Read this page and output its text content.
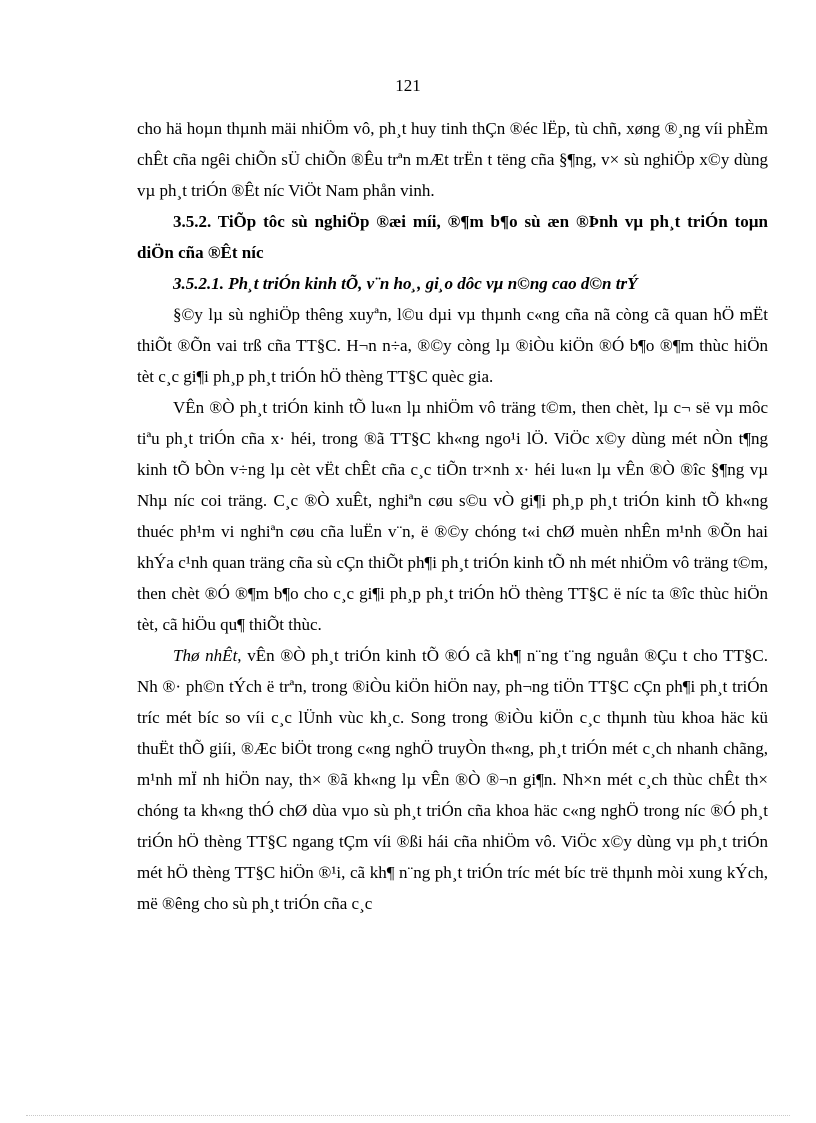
121

cho hä hoµn thµnh mäi nhiÖm vô, ph¸t huy tinh thÇn ®éc lËp, tù chñ, xøng ®¸ng víi phÈm chÊt cña ngêi chiÕn sÜ chiÕn ®Êu trªn mÆt trËn t tëng cña §¶ng, v× sù nghiÖp x©y dùng vµ ph¸t triÓn ®Êt níc ViÖt Nam phån vinh.

3.5.2. TiÕp tôc sù nghiÖp ®æi míi, ®¶m b¶o sù æn ®Þnh vµ ph¸t triÓn toµn diÖn cña ®Êt níc

3.5.2.1. Ph¸t triÓn kinh tÕ, v¨n ho¸, gi¸o dôc vµ n©ng cao d©n trÝ

§©y lµ sù nghiÖp thêng xuyªn, l©u dµi vµ thµnh c«ng cña nã còng cã quan hÖ mËt thiÕt ®Õn vai trß cña TT§C. H¬n n÷a, ®©y còng lµ ®iÒu kiÖn ®Ó b¶o ®¶m thùc hiÖn tèt c¸c gi¶i ph¸p ph¸t triÓn hÖ thèng TT§C quèc gia.

VÊn ®Ò ph¸t triÓn kinh tÕ lu«n lµ nhiÖm vô träng t©m, then chèt, lµ c¬ së vµ môc tiªu ph¸t triÓn cña x· héi, trong ®ã TT§C kh«ng ngo¹i lÖ. ViÖc x©y dùng mét nÒn t¶ng kinh tÕ bÒn v÷ng lµ cèt vËt chÊt cña c¸c tiÕn tr×nh x· héi lu«n lµ vÊn ®Ò ®îc §¶ng vµ Nhµ níc coi träng. C¸c ®Ò xuÊt, nghiªn cøu s©u vÒ gi¶i ph¸p ph¸t triÓn kinh tÕ kh«ng thuéc ph¹m vi nghiªn cøu cña luËn v¨n, ë ®©y chóng t«i chØ muèn nhÊn m¹nh ®Õn hai khÝa c¹nh quan träng cña sù cÇn thiÕt ph¶i ph¸t triÓn kinh tÕ nh mét nhiÖm vô träng t©m, then chèt ®Ó ®¶m b¶o cho c¸c gi¶i ph¸p ph¸t triÓn hÖ thèng TT§C ë níc ta ®îc thùc hiÖn tèt, cã hiÖu qu¶ thiÕt thùc.

Thø nhÊt, vÊn ®Ò ph¸t triÓn kinh tÕ ®Ó cã kh¶ n¨ng t¨ng nguån ®Çu t cho TT§C. Nh ®· ph©n tÝch ë trªn, trong ®iÒu kiÖn hiÖn nay, ph¬ng tiÖn TT§C cÇn ph¶i ph¸t triÓn tríc mét bíc so víi c¸c lÜnh vùc kh¸c. Song trong ®iÒu kiÖn c¸c thµnh tùu khoa häc kü thuËt thÕ giíi, ®Æc biÖt trong c«ng nghÖ truyÒn th«ng, ph¸t triÓn mét c¸ch nhanh chãng, m¹nh mÏ nh hiÖn nay, th× ®ã kh«ng lµ vÊn ®Ò ®¬n gi¶n. Nh×n mét c¸ch thùc chÊt th× chóng ta kh«ng thÓ chØ dùa vµo sù ph¸t triÓn cña khoa häc c«ng nghÖ trong níc ®Ó ph¸t triÓn hÖ thèng TT§C ngang tÇm víi ®ßi hái cña nhiÖm vô. ViÖc x©y dùng vµ ph¸t triÓn mét hÖ thèng TT§C hiÖn ®¹i, cã kh¶ n¨ng ph¸t triÓn tríc mét bíc trë thµnh mòi xung kÝch, më ®êng cho sù ph¸t triÓn cña c¸c
